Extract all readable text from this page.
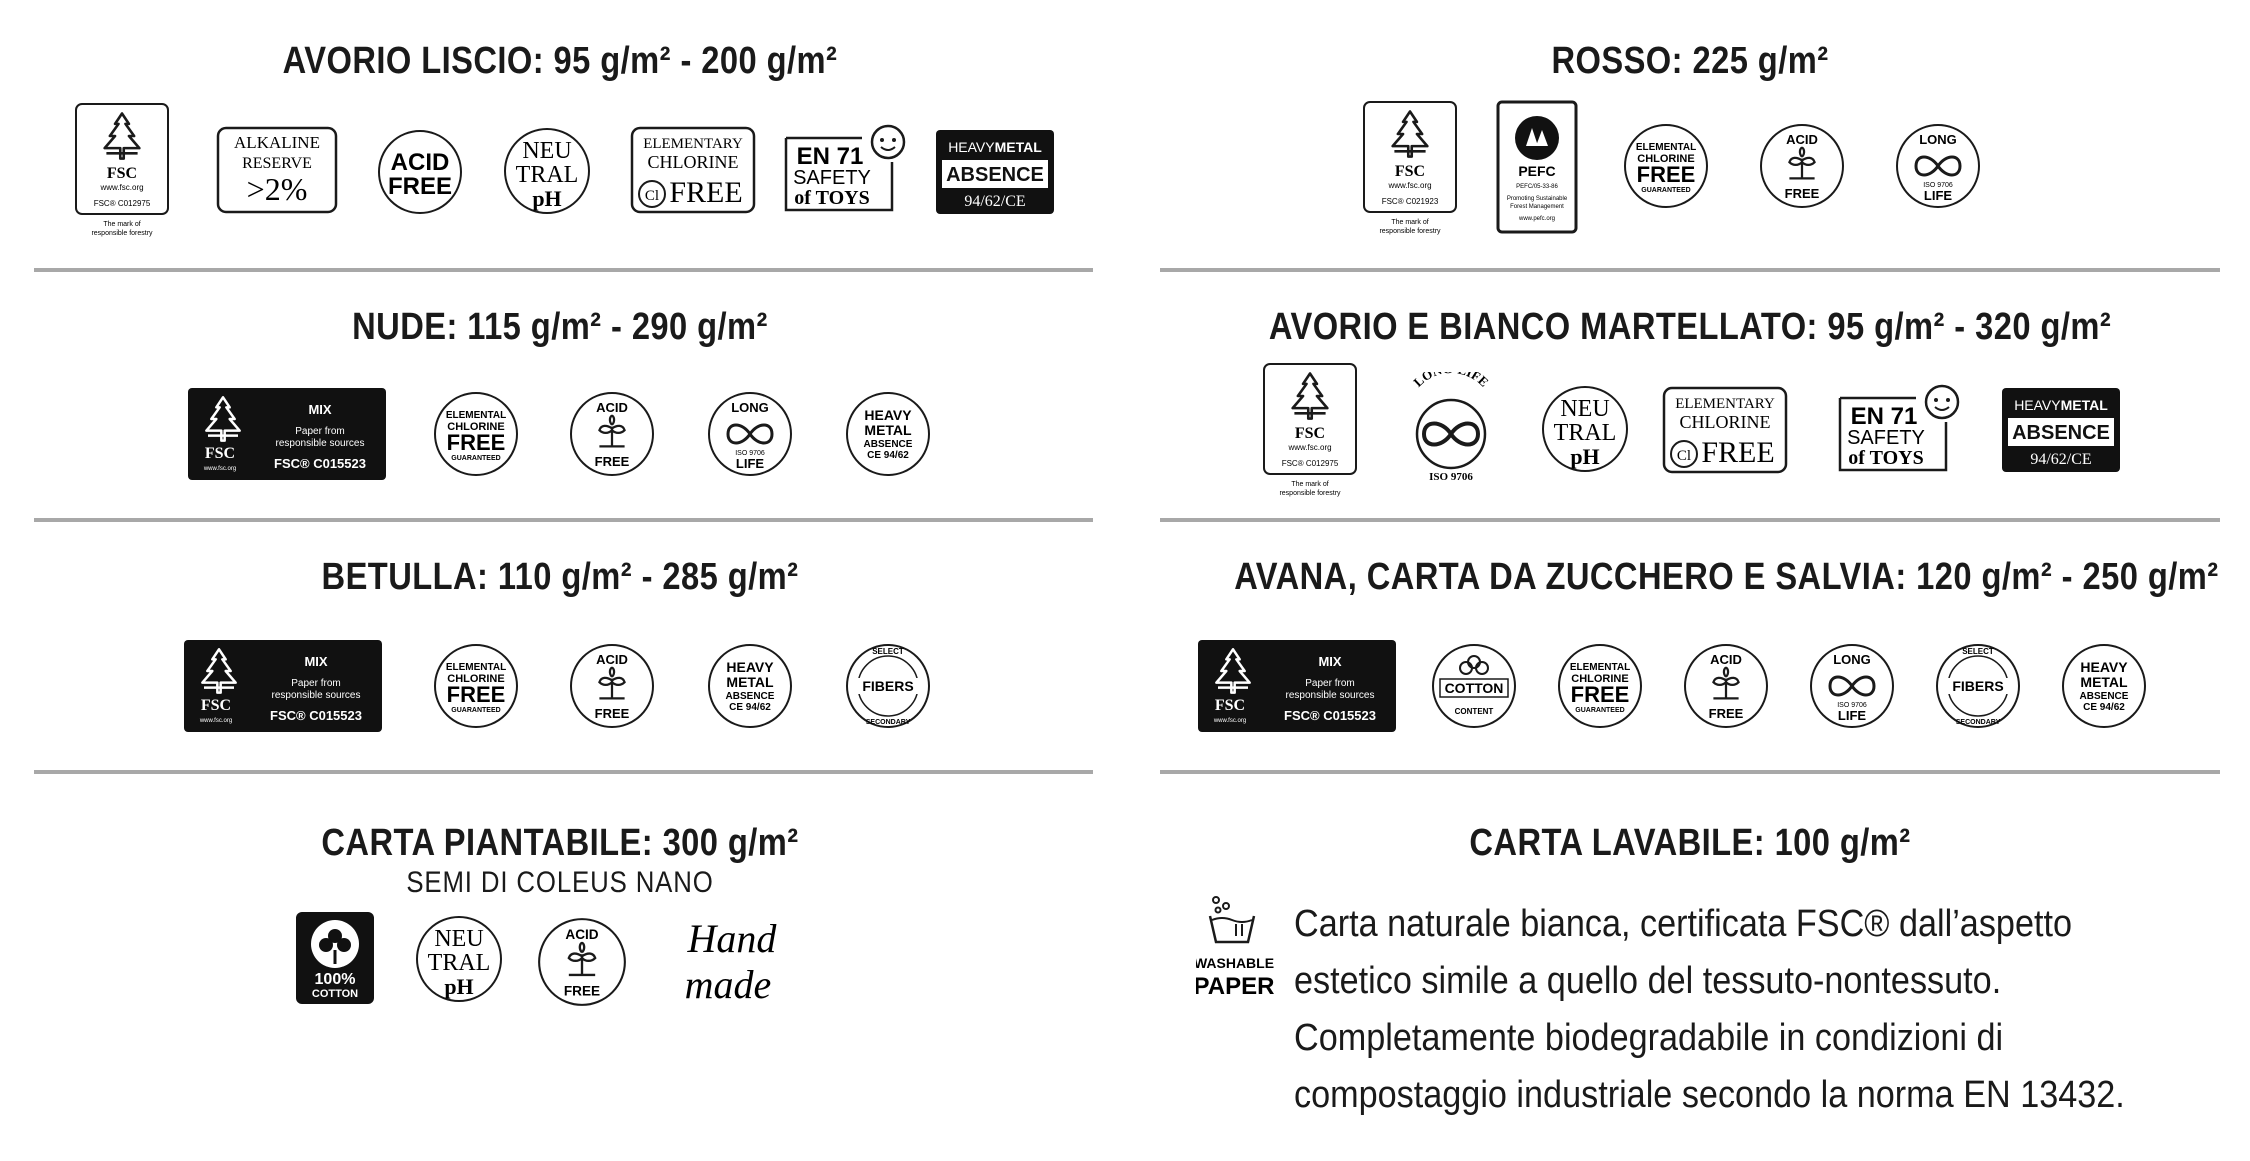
AVORIO LISCIO: 95 g/m² - 200 g/m²
FSC
www.fsc.org
FSC® C012975
The mark of
responsible forestry
ALKALINE
RESERVE
>2%
ACID
FREE
NEU
TRAL
pH
ELEMENTARY
CHLORINE
Cl FREE
EN 71
SAFETY
of TOYS
HEAVYMETAL
ABSENCE
94/62/CE
ROSSO: 225 g/m²
FSC
www.fsc.org
FSC® C021923
The mark of
responsible forestry
PEFC
PEFC/05-33-86
Promoting Sustainable
Forest Management
www.pefc.org
ELEMENTAL
CHLORINE
FREE
GUARANTEED
ACID
FREE
LONG
ISO 9706
LIFE
NUDE: 115 g/m² - 290 g/m²
FSC
www.fsc.org
MIX
Paper from
responsible sources
FSC® C015523
ELEMENTAL
CHLORINE
FREE
GUARANTEED
ACID
FREE
LONG
ISO 9706
LIFE
HEAVY
METAL
ABSENCE
CE 94/62
AVORIO E BIANCO MARTELLATO: 95 g/m² - 320 g/m²
FSC
www.fsc.org
FSC® C012975
The mark of
responsible forestry
LO IFE
ISO 9706
NEU
TRAL
pH
ELEMENTARY
CHLORINE
Cl FREE
EN 71
SAFETY
of TOYS
HEAVYMETAL
ABSENCE
94/62/CE
BETULLA: 110 g/m² - 285 g/m²
FSC
www.fsc.org
MIX
Paper from
responsible sources
FSC® C015523
ELEMENTAL
CHLORINE
FREE
GUARANTEED
ACID
FREE
HEAVY
METAL
ABSENCE
CE 94/62
SELECT
FIBERS
SECONDARY
AVANA, CARTA DA ZUCCHERO E SALVIA: 120 g/m² - 250 g/m²
FSC
www.fsc.org
MIX
Paper from
responsible sources
FSC® C015523
COTTON
CONTENT
ELEMENTAL
CHLORINE
FREE
GUARANTEED
ACID
FREE
LONG
ISO 9706
LIFE
SELECT
FIBERS
SECONDARY
HEAVY
METAL
ABSENCE
CE 94/62
CARTA PIANTABILE: 300 g/m²
SEMI DI COLEUS NANO
100%
COTTON
NEU
TRAL
pH
ACID
FREE
Hand
made
CARTA LAVABILE: 100 g/m²
WASHABLE
PAPER
Carta naturale bianca, certificata FSC® dall’aspetto
estetico simile a quello del tessuto-nontessuto.
Completamente biodegradabile in condizioni di
compostaggio industriale secondo la norma EN 13432.
